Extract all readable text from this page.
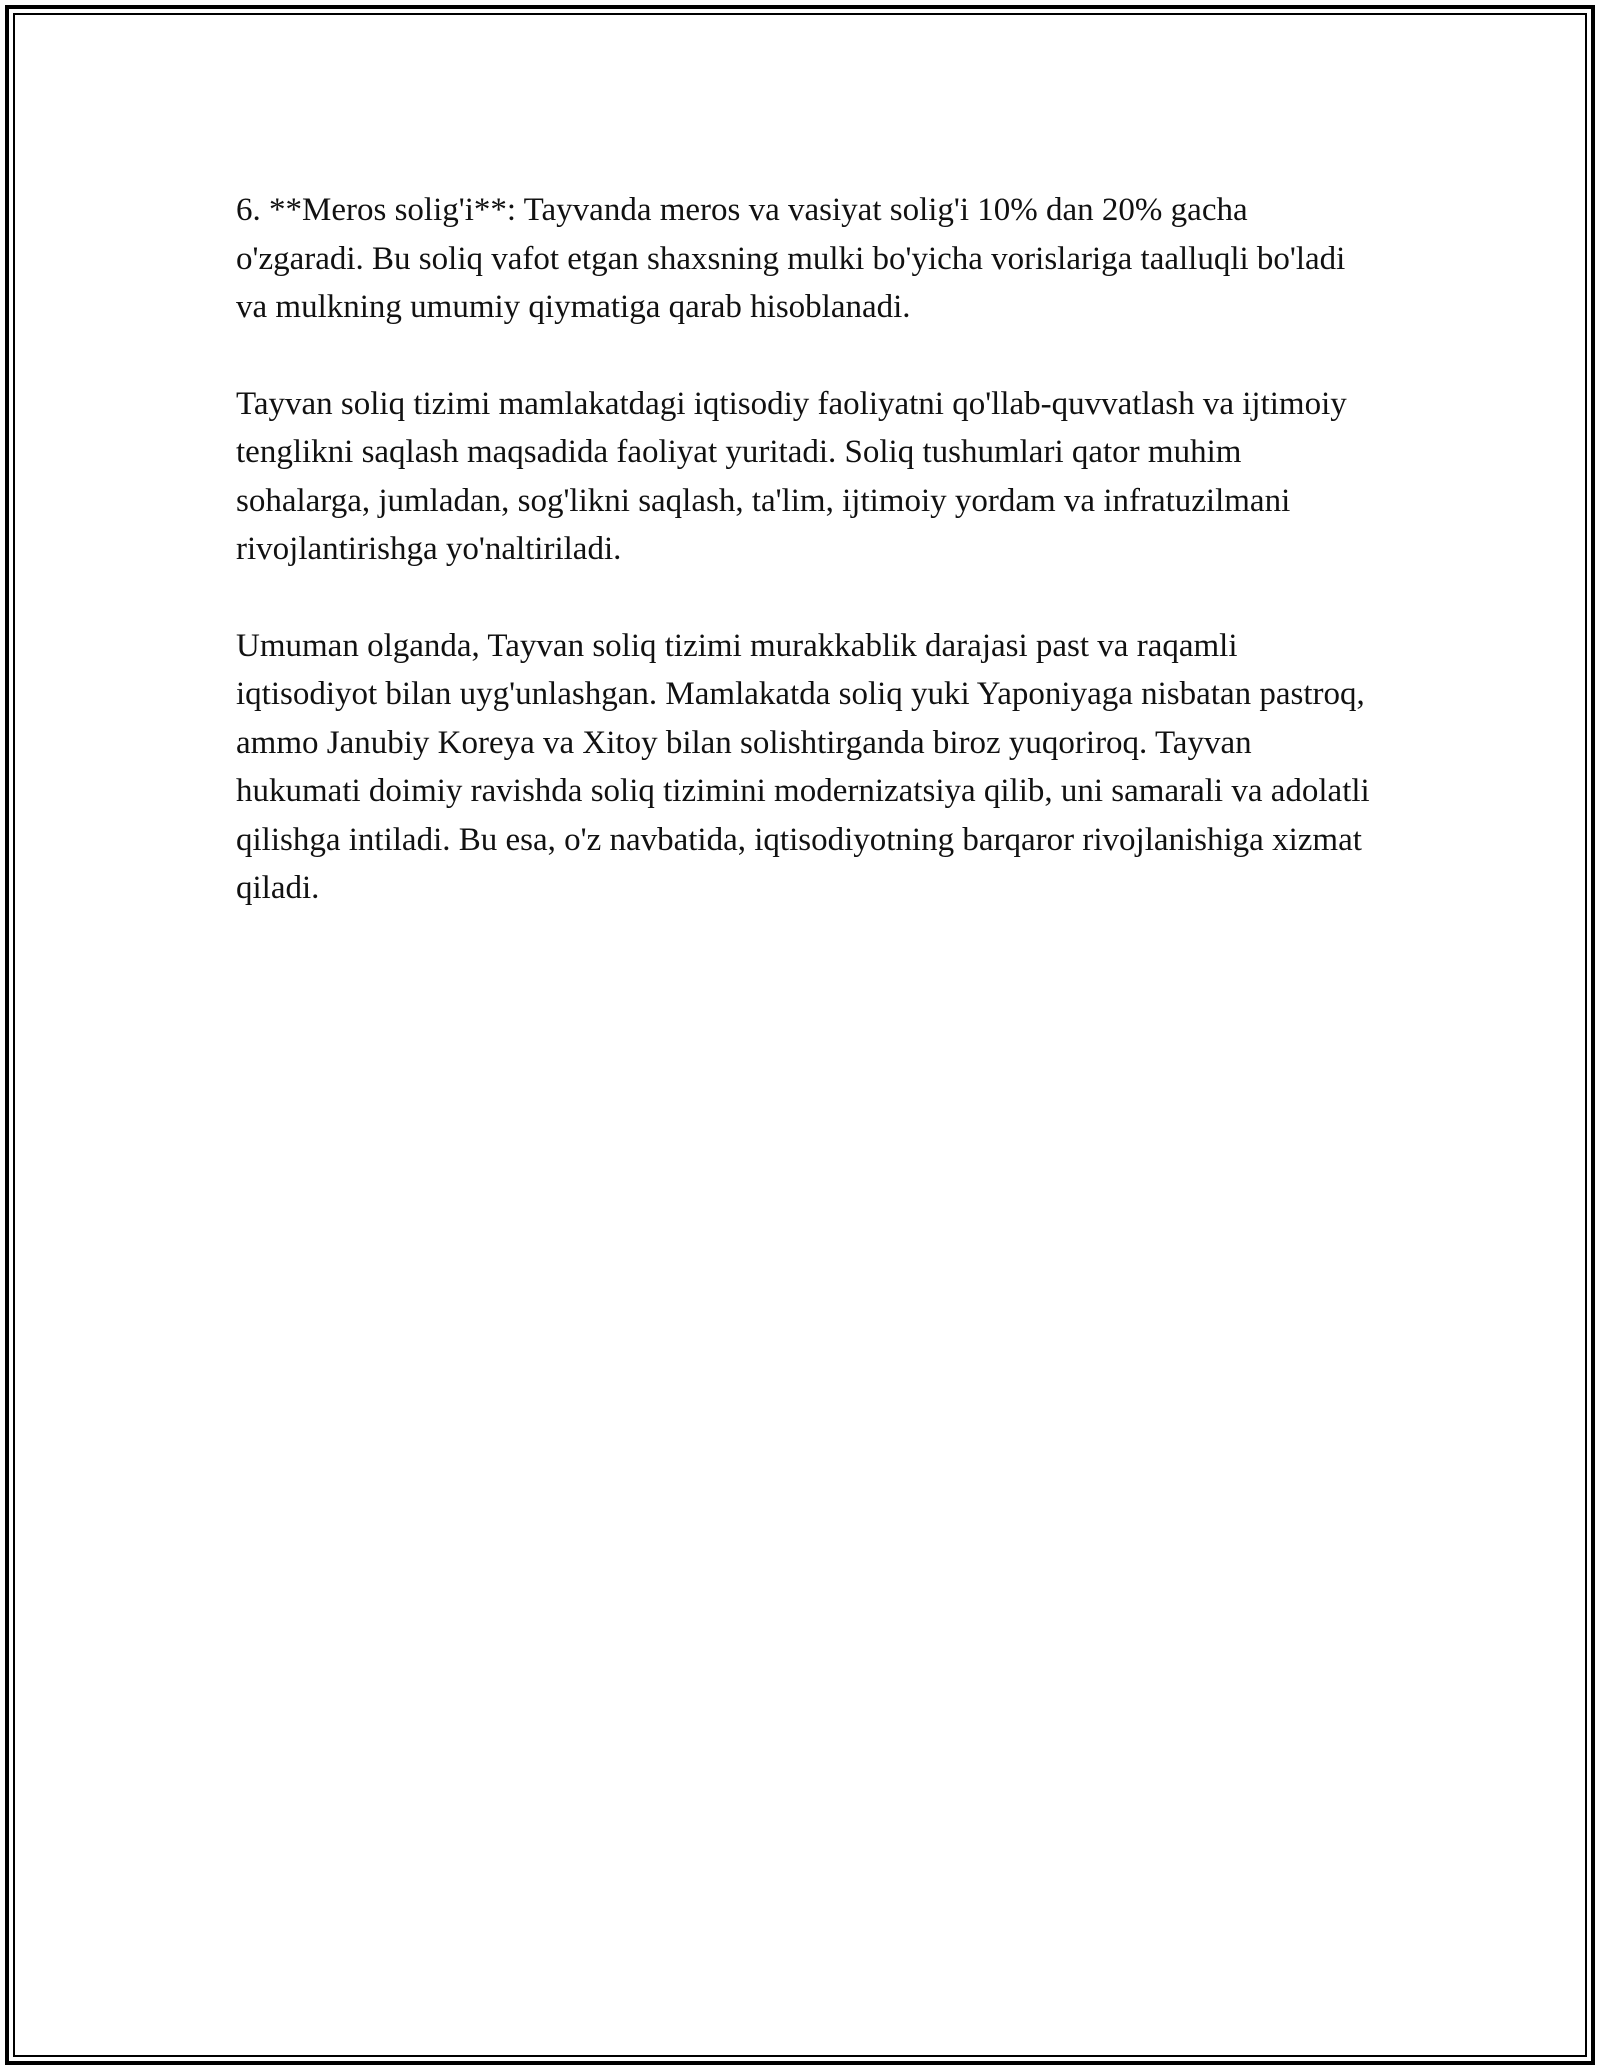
6. **Meros solig'i**: Tayvanda meros va vasiyat solig'i 10% dan 20% gacha o'zgaradi. Bu soliq vafot etgan shaxsning mulki bo'yicha vorislariga taalluqli bo'ladi va mulkning umumiy qiymatiga qarab hisoblanadi.

Tayvan soliq tizimi mamlakatdagi iqtisodiy faoliyatni qo'llab-quvvatlash va ijtimoiy tenglikni saqlash maqsadida faoliyat yuritadi. Soliq tushumlari qator muhim sohalarga, jumladan, sog'likni saqlash, ta'lim, ijtimoiy yordam va infratuzilmani rivojlantirishga yo'naltiriladi.

Umuman olganda, Tayvan soliq tizimi murakkablik darajasi past va raqamli iqtisodiyot bilan uyg'unlashgan. Mamlakatda soliq yuki Yaponiyaga nisbatan pastroq, ammo Janubiy Koreya va Xitoy bilan solishtirganda biroz yuqoriroq. Tayvan hukumati doimiy ravishda soliq tizimini modernizatsiya qilib, uni samarali va adolatli qilishga intiladi. Bu esa, o'z navbatida, iqtisodiyotning barqaror rivojlanishiga xizmat qiladi.
